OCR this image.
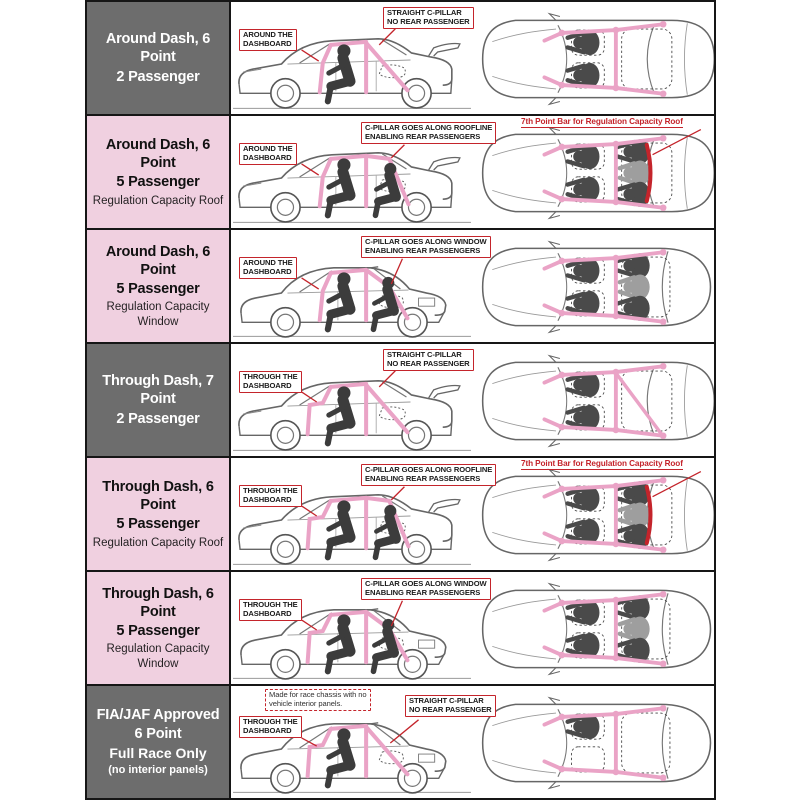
Around Dash, 6 Point
2 Passenger
AROUND THE
DASHBOARD
STRAIGHT C-PILLAR
NO REAR PASSENGER
Around Dash, 6 Point
5 Passenger
Regulation Capacity Roof
AROUND THE
DASHBOARD
C-PILLAR GOES ALONG ROOFLINE
ENABLING REAR PASSENGERS
7th Point Bar for Regulation Capacity Roof
Around Dash, 6 Point
5 Passenger
Regulation Capacity Window
AROUND THE
DASHBOARD
C-PILLAR GOES ALONG WINDOW
ENABLING REAR PASSENGERS
Through Dash, 7 Point
2 Passenger
THROUGH THE
DASHBOARD
STRAIGHT C-PILLAR
NO REAR PASSENGER
Through Dash, 6 Point
5 Passenger
Regulation Capacity Roof
THROUGH THE
DASHBOARD
C-PILLAR GOES ALONG ROOFLINE
ENABLING REAR PASSENGERS
7th Point Bar for Regulation Capacity Roof
Through Dash, 6 Point
5 Passenger
Regulation Capacity Window
THROUGH THE
DASHBOARD
C-PILLAR GOES ALONG WINDOW
ENABLING REAR PASSENGERS
FIA/JAF Approved
6 Point
Full Race Only
(no interior panels)
Made for race chassis with no
vehicle interior panels.
THROUGH THE
DASHBOARD
STRAIGHT C-PILLAR
NO REAR PASSENGER
